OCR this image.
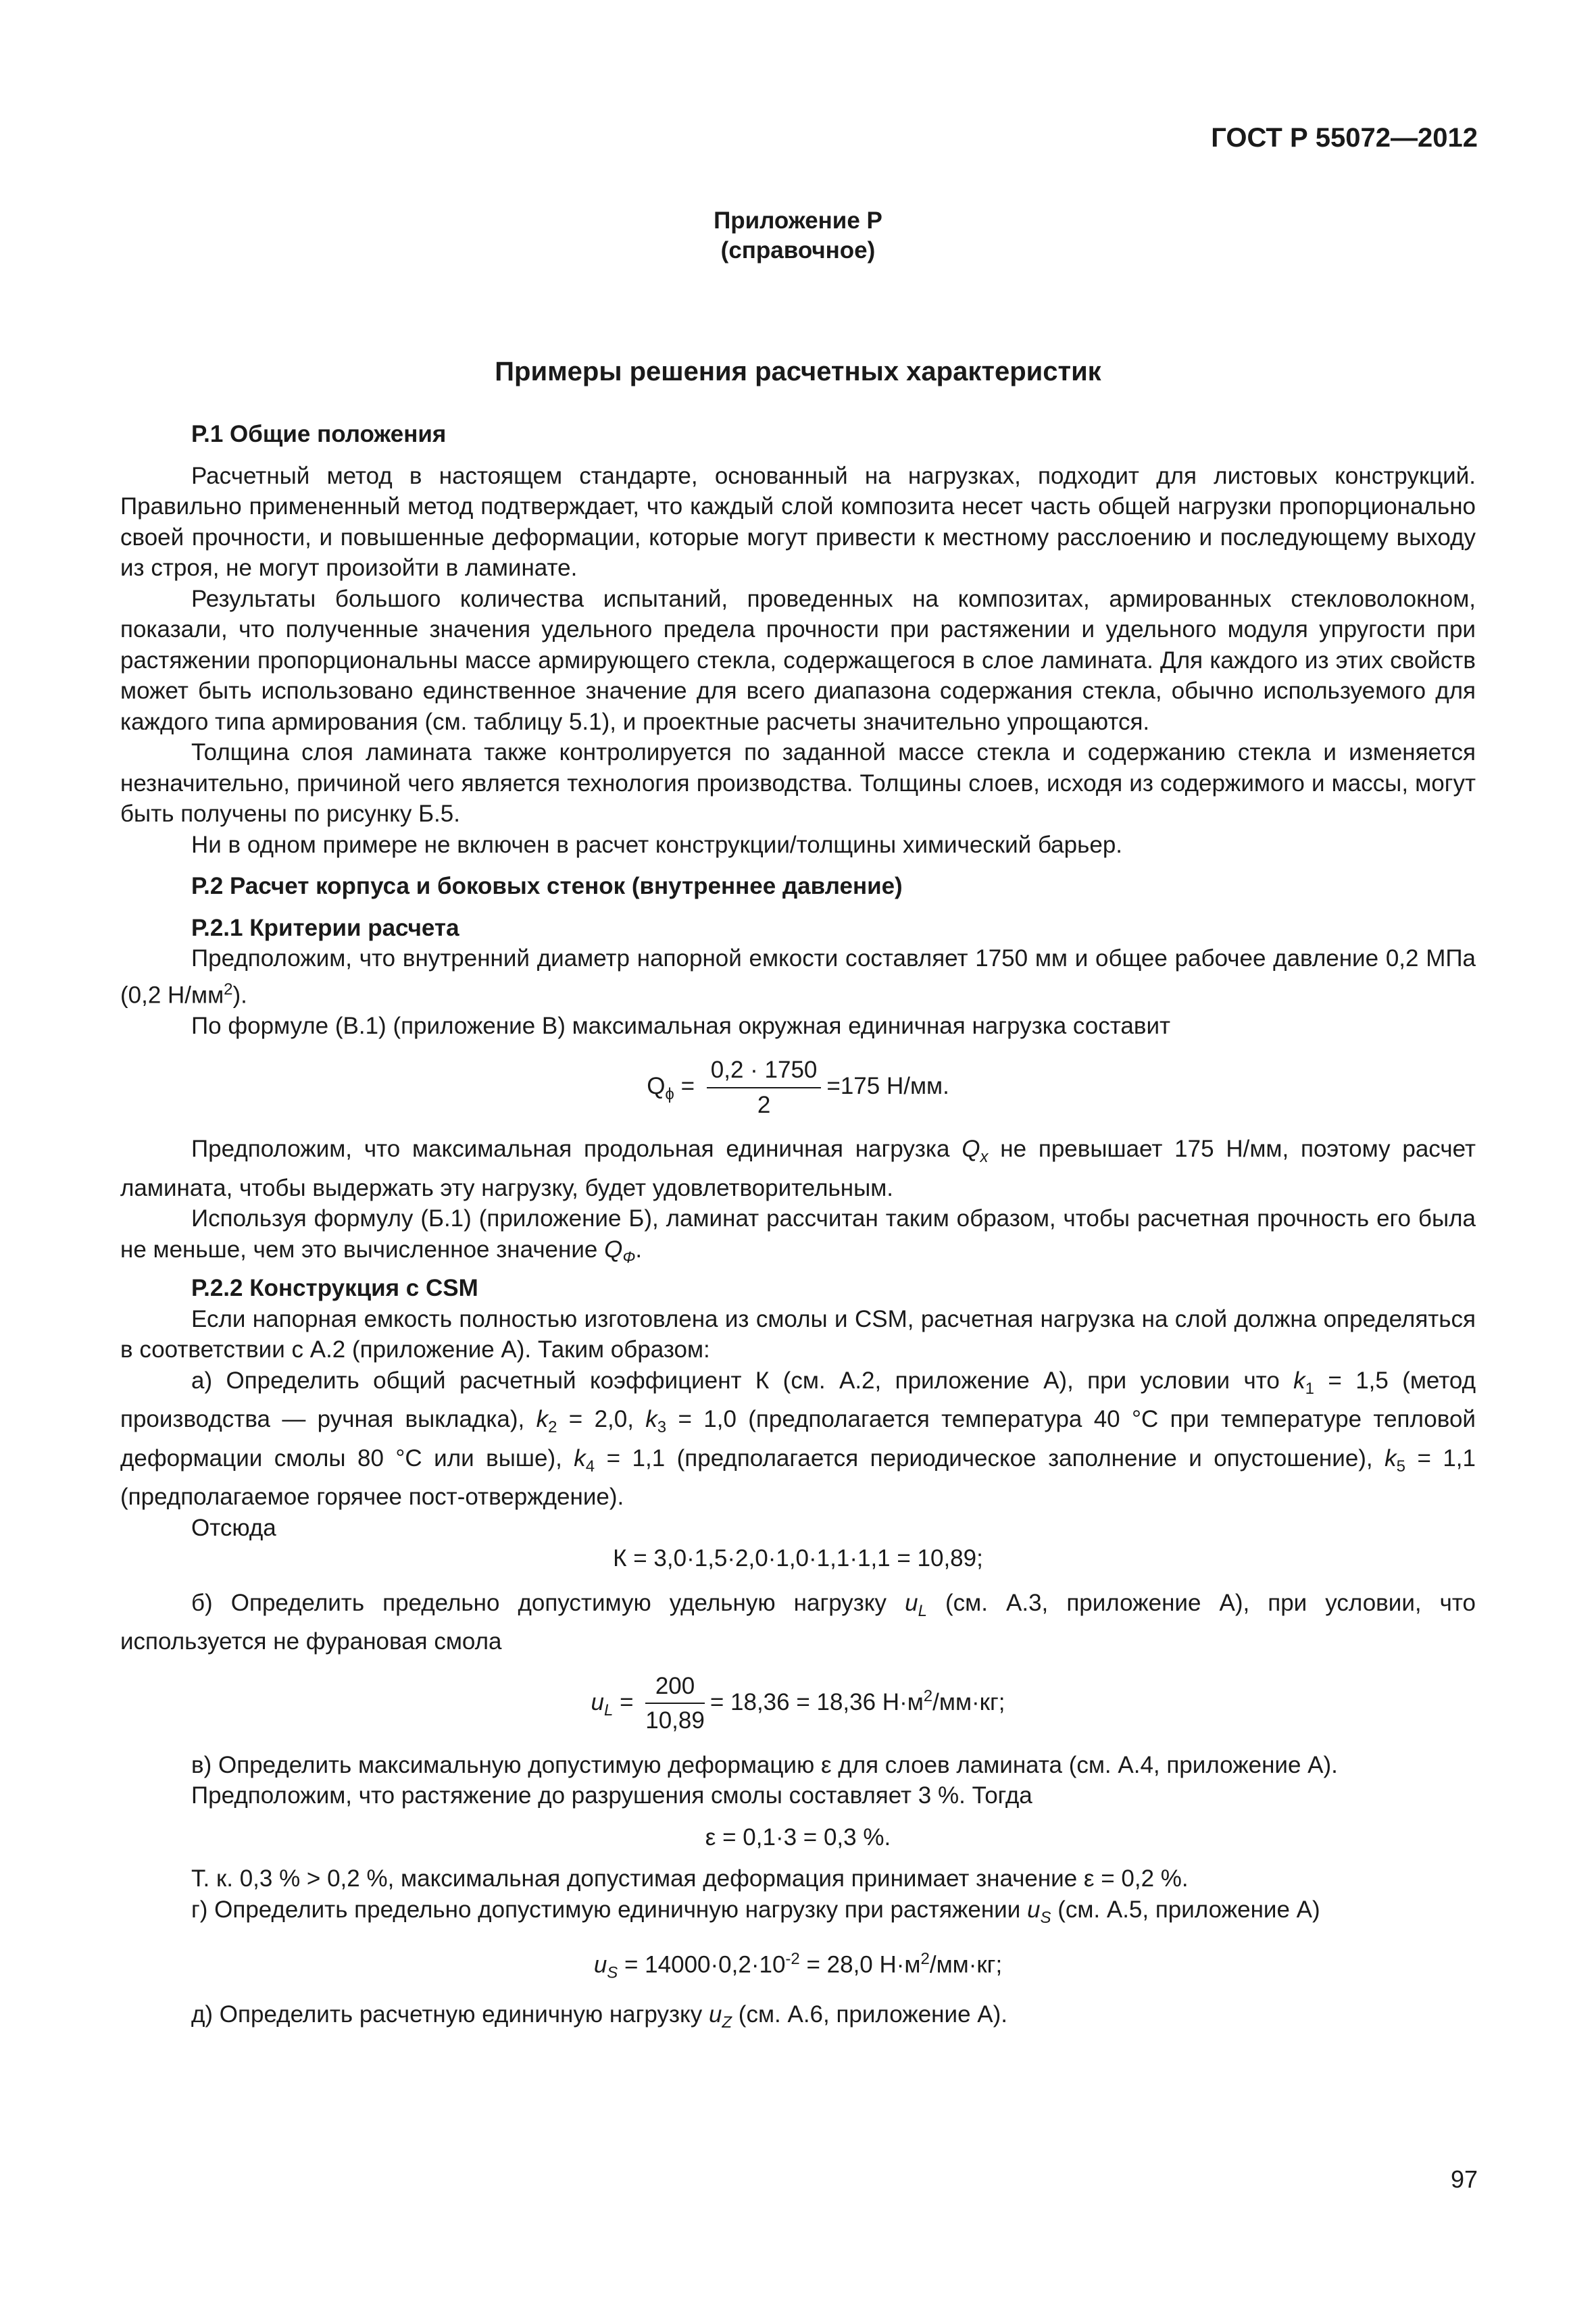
ГОСТ Р 55072—2012
Приложение Р
(справочное)
Примеры решения расчетных характеристик
Р.1 Общие положения

Расчетный метод в настоящем стандарте, основанный на нагрузках, подходит для листовых конструкций. Правильно примененный метод подтверждает, что каждый слой композита несет часть общей нагрузки пропорционально своей прочности, и повышенные деформации, которые могут привести к местному расслоению и последующему выходу из строя, не могут произойти в ламинате.

Результаты большого количества испытаний, проведенных на композитах, армированных стекловолокном, показали, что полученные значения удельного предела прочности при растяжении и удельного модуля упругости при растяжении пропорциональны массе армирующего стекла, содержащегося в слое ламината. Для каждого из этих свойств может быть использовано единственное значение для всего диапазона содержания стекла, обычно используемого для каждого типа армирования (см. таблицу 5.1), и проектные расчеты значительно упрощаются.

Толщина слоя ламината также контролируется по заданной массе стекла и содержанию стекла и изменяется незначительно, причиной чего является технология производства. Толщины слоев, исходя из содержимого и массы, могут быть получены по рисунку Б.5.

Ни в одном примере не включен в расчет конструкции/толщины химический барьер.

Р.2 Расчет корпуса и боковых стенок (внутреннее давление)
Р.2.1 Критерии расчета

Предположим, что внутренний диаметр напорной емкости составляет 1750 мм и общее рабочее давление 0,2 МПа (0,2 $Н/мм^2$).

По формуле (В.1) (приложение В) максимальная окружная единичная нагрузка составит

$Q_\phi = \frac{0,2 \cdot 1750}{2} =175$ Н/мм.

Предположим, что максимальная продольная единичная нагрузка $Q_x$ не превышает 175 Н/мм, поэтому расчет ламината, чтобы выдержать эту нагрузку, будет удовлетворительным.

Используя формулу (Б.1) (приложение Б), ламинат рассчитан таким образом, чтобы расчетная прочность его была не меньше, чем это вычисленное значение $Q_Ф$.

Р.2.2 Конструкция с CSM

Если напорная емкость полностью изготовлена из смолы и CSM, расчетная нагрузка на слой должна определяться в соответствии с А.2 (приложение А). Таким образом:

а) Определить общий расчетный коэффициент К (см. А.2, приложение А), при условии что $k_1 = 1,5$ (метод производства — ручная выкладка), $k_2 = 2,0$, $k_3 = 1,0$ (предполагается температура 40 °С при температуре тепловой деформации смолы 80 °С или выше), $k_4 = 1,1$ (предполагается периодическое заполнение и опустошение), $k_5 = 1,1$ (предполагаемое горячее пост-отверждение).

Отсюда

К = 3,0·1,5·2,0·1,0·1,1·1,1 = 10,89;

б) Определить предельно допустимую удельную нагрузку $u_L$ (см. А.3, приложение А), при условии, что используется не фурановая смола

$u_L = \frac{200}{10,89} = 18,36 = 18,36$ $Н\cdot м^2/мм\cdot кг$;

в) Определить максимальную допустимую деформацию ε для слоев ламината (см. А.4, приложение А).

Предположим, что растяжение до разрушения смолы составляет 3 %. Тогда

ε = 0,1·3 = 0,3 %.

Т. к. 0,3 % > 0,2 %, максимальная допустимая деформация принимает значение ε = 0,2 %.

г) Определить предельно допустимую единичную нагрузку при растяжении $u_S$ (см. А.5, приложение А)

$u_S = 14000\cdot 0,2\cdot 10^{-2} = 28,0$ $Н\cdot м^2/мм\cdot кг$;

д) Определить расчетную единичную нагрузку $u_Z$ (см. А.6, приложение А).

97
